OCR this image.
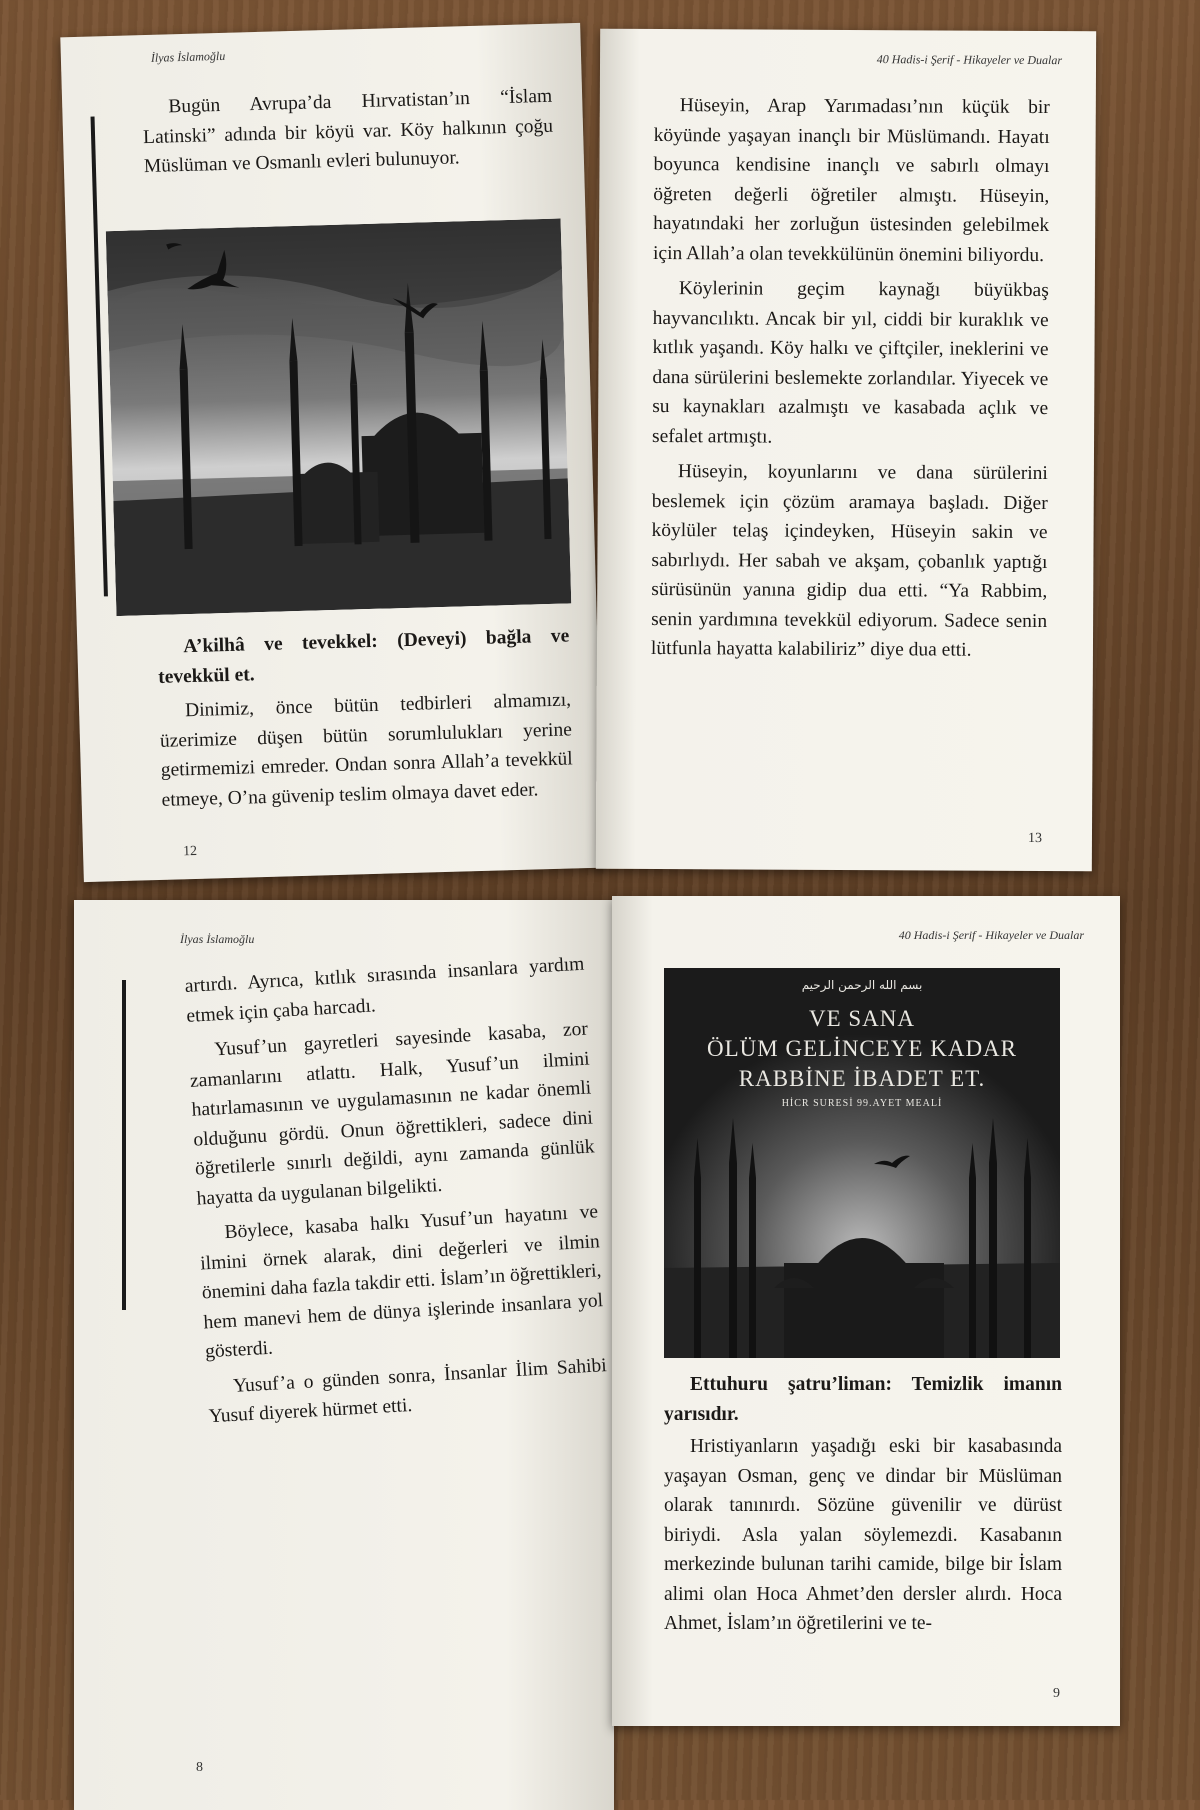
İlyas İslamoğlu

Bugün Avrupa’da Hırvatistan’ın “İslam Latinski” adında bir köyü var. Köy halkının çoğu Müslüman ve Osmanlı evleri bulunuyor.

A’kilhâ ve tevekkel: (Deveyi) bağla ve tevekkül et.

Dinimiz, önce bütün tedbirleri almamızı, üzerimize düşen bütün sorumlulukları yerine getirmemizi emreder. Ondan sonra Allah’a tevekkül etmeye, O’na güvenip teslim olmaya davet eder.

12
40 Hadis-i Şerif - Hikayeler ve Dualar

Hüseyin, Arap Yarımadası’nın küçük bir köyünde yaşayan inançlı bir Müslümandı. Hayatı boyunca kendisine inançlı ve sabırlı olmayı öğreten değerli öğretiler almıştı. Hüseyin, hayatındaki her zorluğun üstesinden gelebilmek için Allah’a olan tevekkülünün önemini biliyordu.

Köylerinin geçim kaynağı büyükbaş hayvancılıktı. Ancak bir yıl, ciddi bir kuraklık ve kıtlık yaşandı. Köy halkı ve çiftçiler, ineklerini ve dana sürülerini beslemekte zorlandılar. Yiyecek ve su kaynakları azalmıştı ve kasabada açlık ve sefalet artmıştı.

Hüseyin, koyunlarını ve dana sürülerini beslemek için çözüm aramaya başladı. Diğer köylüler telaş içindeyken, Hüseyin sakin ve sabırlıydı. Her sabah ve akşam, çobanlık yaptığı sürüsünün yanına gidip dua etti. “Ya Rabbim, senin yardımına tevekkül ediyorum. Sadece senin lütfunla hayatta kalabiliriz” diye dua etti.

13
İlyas İslamoğlu

artırdı. Ayrıca, kıtlık sırasında insanlara yardım etmek için çaba harcadı.

Yusuf’un gayretleri sayesinde kasaba, zor zamanlarını atlattı. Halk, Yusuf’un ilmini hatırlamasının ve uygulamasının ne kadar önemli olduğunu gördü. Onun öğrettikleri, sadece dini öğretilerle sınırlı değildi, aynı zamanda günlük hayatta da uygulanan bilgelikti.

Böylece, kasaba halkı Yusuf’un hayatını ve ilmini örnek alarak, dini değerleri ve ilmin önemini daha fazla takdir etti. İslam’ın öğrettikleri, hem manevi hem de dünya işlerinde insanlara yol gösterdi.

Yusuf’a o günden sonra, İnsanlar İlim Sahibi Yusuf diyerek hürmet etti.

8
40 Hadis-i Şerif - Hikayeler ve Dualar
بسم الله الرحمن الرحيم
VE SANA
ÖLÜM GELİNCEYE KADAR
RABBİNE İBADET ET.
HİCR SURESİ 99.AYET MEALİ

Ettuhuru şatru’liman: Temizlik imanın yarısıdır.

Hristiyanların yaşadığı eski bir kasabasında yaşayan Osman, genç ve dindar bir Müslüman olarak tanınırdı. Sözüne güvenilir ve dürüst biriydi. Asla yalan söylemezdi. Kasabanın merkezinde bulunan tarihi camide, bilge bir İslam alimi olan Hoca Ahmet’den dersler alırdı. Hoca Ahmet, İslam’ın öğretilerini ve te-

9
